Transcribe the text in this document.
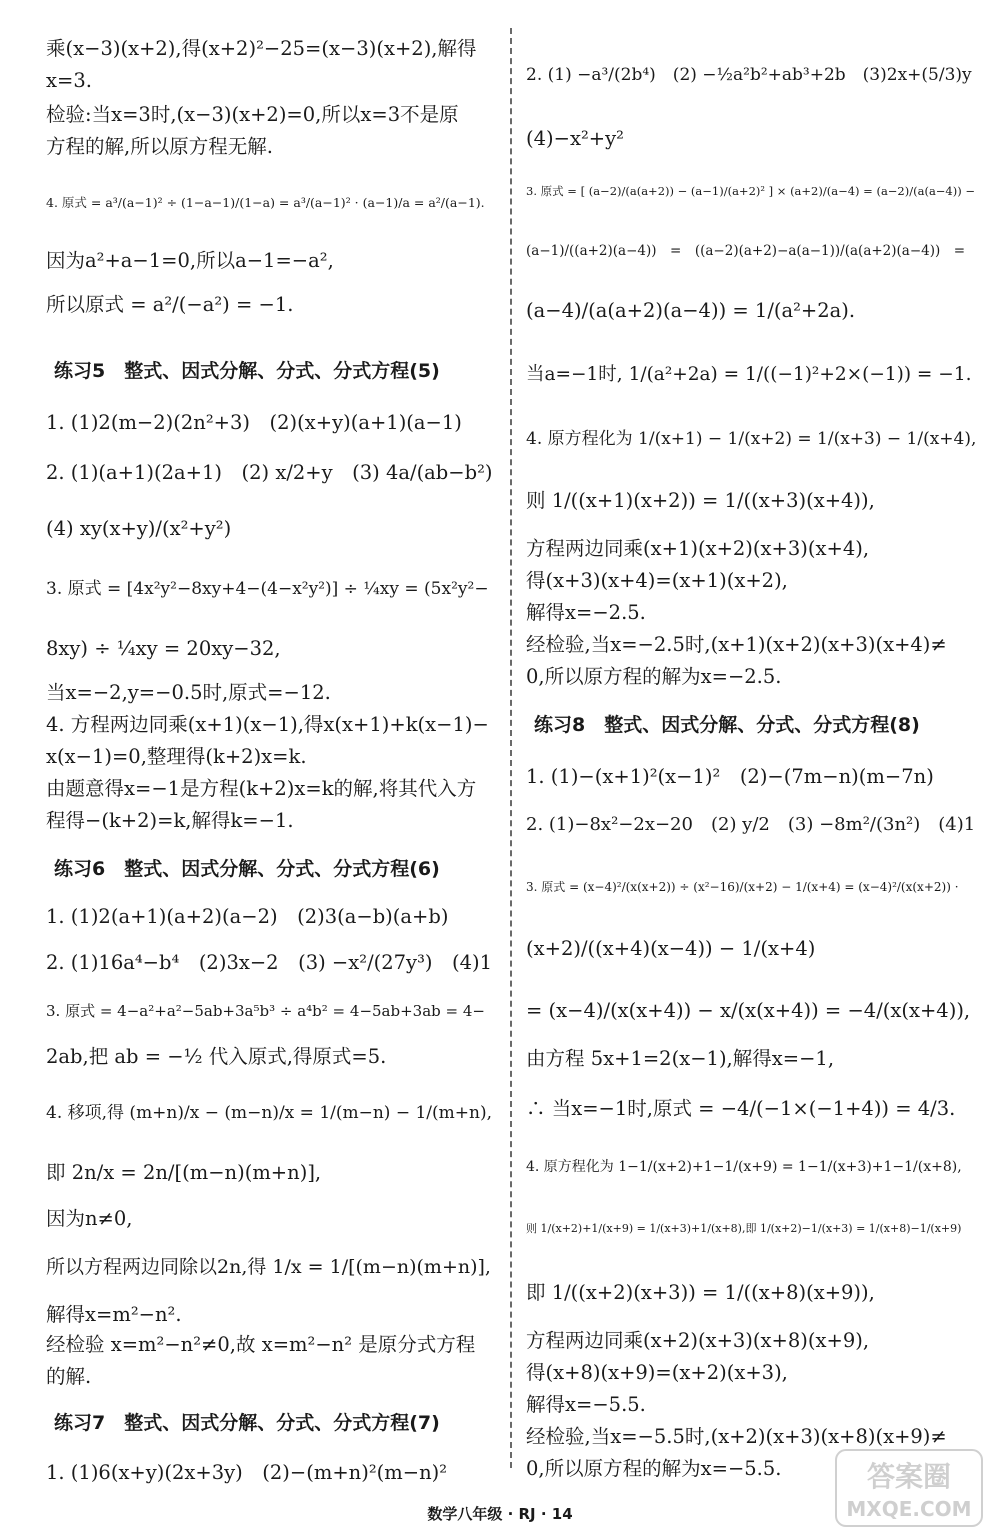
乘(x−3)(x+2),得(x+2)²−25=(x−3)(x+2),解得
x=3.
检验:当x=3时,(x−3)(x+2)=0,所以x=3不是原
方程的解,所以原方程无解.
4. 原式 = a³/(a−1)² ÷ (1−a−1)/(1−a) = a³/(a−1)² · (a−1)/a = a²/(a−1).
因为a²+a−1=0,所以a−1=−a²,
所以原式 = a²/(−a²) = −1.
练习5　整式、因式分解、分式、分式方程(5)
1. (1)2(m−2)(2n²+3)　(2)(x+y)(a+1)(a−1)
2. (1)(a+1)(2a+1)　(2) x/2+y　(3) 4a/(ab−b²)
(4) xy(x+y)/(x²+y²)
3. 原式 = [4x²y²−8xy+4−(4−x²y²)] ÷ ¼xy = (5x²y²−
8xy) ÷ ¼xy = 20xy−32,
当x=−2,y=−0.5时,原式=−12.
4. 方程两边同乘(x+1)(x−1),得x(x+1)+k(x−1)−
x(x−1)=0,整理得(k+2)x=k.
由题意得x=−1是方程(k+2)x=k的解,将其代入方
程得−(k+2)=k,解得k=−1.
练习6　整式、因式分解、分式、分式方程(6)
1. (1)2(a+1)(a+2)(a−2)　(2)3(a−b)(a+b)
2. (1)16a⁴−b⁴　(2)3x−2　(3) −x²/(27y³)　(4)1
3. 原式 = 4−a²+a²−5ab+3a⁵b³ ÷ a⁴b² = 4−5ab+3ab = 4−
2ab,把 ab = −½ 代入原式,得原式=5.
4. 移项,得 (m+n)/x − (m−n)/x = 1/(m−n) − 1/(m+n),
即 2n/x = 2n/[(m−n)(m+n)],
因为n≠0,
所以方程两边同除以2n,得 1/x = 1/[(m−n)(m+n)],
解得x=m²−n².
经检验 x=m²−n²≠0,故 x=m²−n² 是原分式方程
的解.
练习7　整式、因式分解、分式、分式方程(7)
1. (1)6(x+y)(2x+3y)　(2)−(m+n)²(m−n)²
2. (1) −a³/(2b⁴)　(2) −½a²b²+ab³+2b　(3)2x+(5/3)y
(4)−x²+y²
3. 原式 = [ (a−2)/(a(a+2)) − (a−1)/(a+2)² ] × (a+2)/(a−4) = (a−2)/(a(a−4)) −
(a−1)/((a+2)(a−4))　=　((a−2)(a+2)−a(a−1))/(a(a+2)(a−4))　=
(a−4)/(a(a+2)(a−4)) = 1/(a²+2a).
当a=−1时, 1/(a²+2a) = 1/((−1)²+2×(−1)) = −1.
4. 原方程化为 1/(x+1) − 1/(x+2) = 1/(x+3) − 1/(x+4),
则 1/((x+1)(x+2)) = 1/((x+3)(x+4)),
方程两边同乘(x+1)(x+2)(x+3)(x+4),
得(x+3)(x+4)=(x+1)(x+2),
解得x=−2.5.
经检验,当x=−2.5时,(x+1)(x+2)(x+3)(x+4)≠
0,所以原方程的解为x=−2.5.
练习8　整式、因式分解、分式、分式方程(8)
1. (1)−(x+1)²(x−1)²　(2)−(7m−n)(m−7n)
2. (1)−8x²−2x−20　(2) y/2　(3) −8m²/(3n²)　(4)1
3. 原式 = (x−4)²/(x(x+2)) ÷ (x²−16)/(x+2) − 1/(x+4) = (x−4)²/(x(x+2)) ·
(x+2)/((x+4)(x−4)) − 1/(x+4)
= (x−4)/(x(x+4)) − x/(x(x+4)) = −4/(x(x+4)),
由方程 5x+1=2(x−1),解得x=−1,
∴ 当x=−1时,原式 = −4/(−1×(−1+4)) = 4/3.
4. 原方程化为 1−1/(x+2)+1−1/(x+9) = 1−1/(x+3)+1−1/(x+8),
则 1/(x+2)+1/(x+9) = 1/(x+3)+1/(x+8),即 1/(x+2)−1/(x+3) = 1/(x+8)−1/(x+9)
即 1/((x+2)(x+3)) = 1/((x+8)(x+9)),
方程两边同乘(x+2)(x+3)(x+8)(x+9),
得(x+8)(x+9)=(x+2)(x+3),
解得x=−5.5.
经检验,当x=−5.5时,(x+2)(x+3)(x+8)(x+9)≠
0,所以原方程的解为x=−5.5.
数学八年级 · RJ · 14
答案圈
MXQE.COM
